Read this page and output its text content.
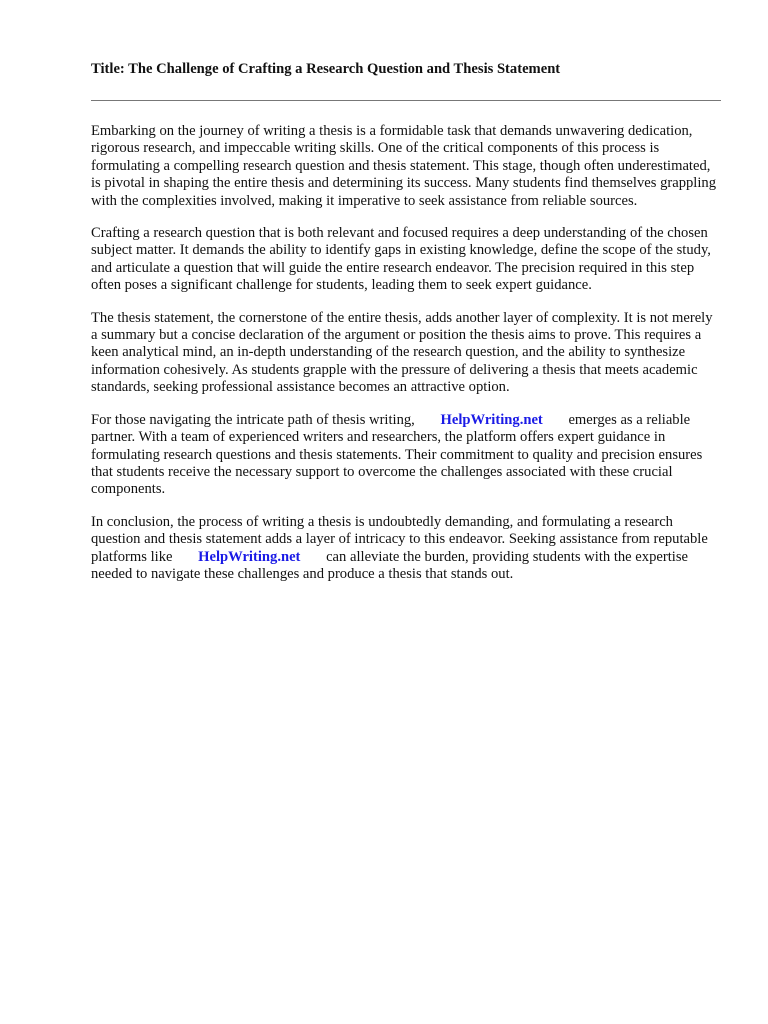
Title: The Challenge of Crafting a Research Question and Thesis Statement

Embarking on the journey of writing a thesis is a formidable task that demands unwavering dedication, rigorous research, and impeccable writing skills. One of the critical components of this process is formulating a compelling research question and thesis statement. This stage, though often underestimated, is pivotal in shaping the entire thesis and determining its success. Many students find themselves grappling with the complexities involved, making it imperative to seek assistance from reliable sources.

Crafting a research question that is both relevant and focused requires a deep understanding of the chosen subject matter. It demands the ability to identify gaps in existing knowledge, define the scope of the study, and articulate a question that will guide the entire research endeavor. The precision required in this step often poses a significant challenge for students, leading them to seek expert guidance.

The thesis statement, the cornerstone of the entire thesis, adds another layer of complexity. It is not merely a summary but a concise declaration of the argument or position the thesis aims to prove. This requires a keen analytical mind, an in-depth understanding of the research question, and the ability to synthesize information cohesively. As students grapple with the pressure of delivering a thesis that meets academic standards, seeking professional assistance becomes an attractive option.

For those navigating the intricate path of thesis writing, HelpWriting.net emerges as a reliable partner. With a team of experienced writers and researchers, the platform offers expert guidance in formulating research questions and thesis statements. Their commitment to quality and precision ensures that students receive the necessary support to overcome the challenges associated with these crucial components.

In conclusion, the process of writing a thesis is undoubtedly demanding, and formulating a research question and thesis statement adds a layer of intricacy to this endeavor. Seeking assistance from reputable platforms like HelpWriting.net can alleviate the burden, providing students with the expertise needed to navigate these challenges and produce a thesis that stands out.
